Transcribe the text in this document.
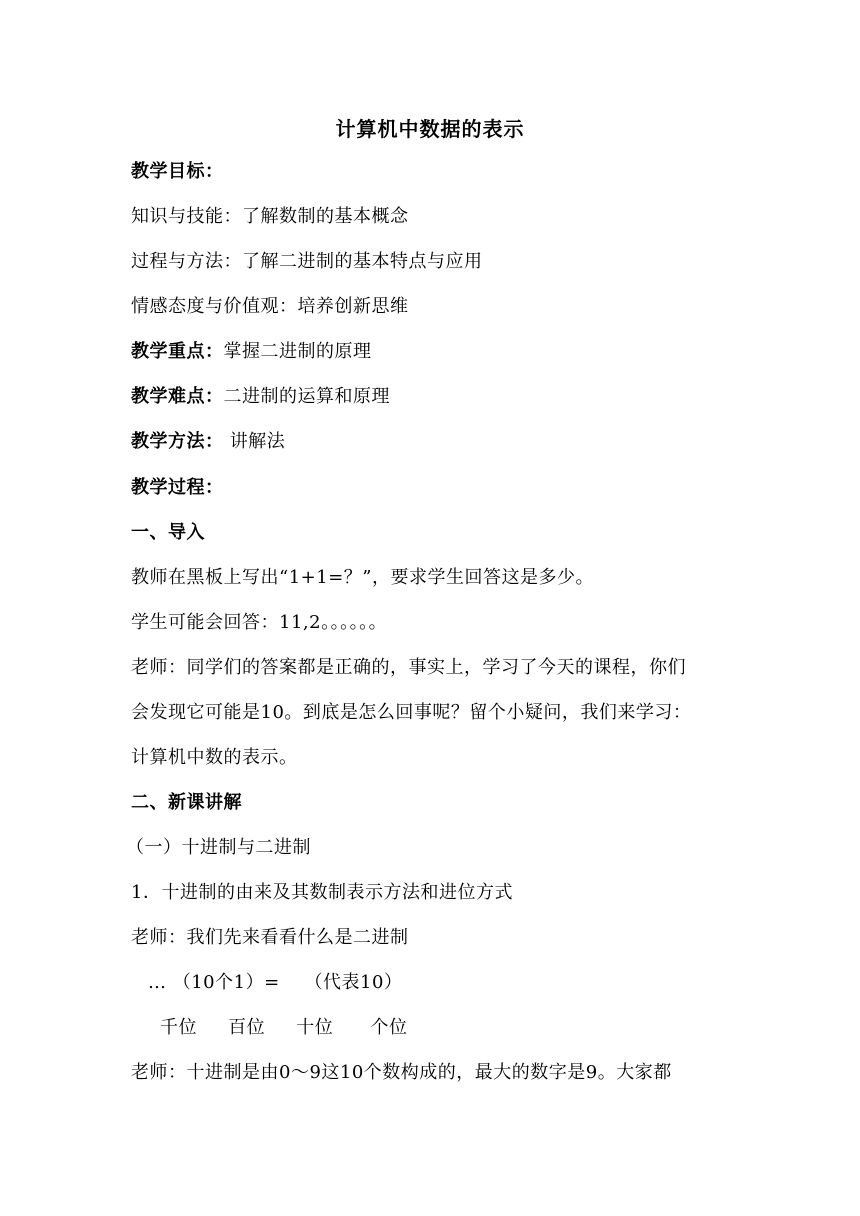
计算机中数据的表示
教学目标：
知识与技能：了解数制的基本概念
过程与方法：了解二进制的基本特点与应用
情感态度与价值观：培养创新思维
教学重点：掌握二进制的原理
教学难点：二进制的运算和原理
教学方法： 讲解法
教学过程：
一、导入
教师在黑板上写出“1+1=？”，要求学生回答这是多少。
学生可能会回答：11,2。。。。。。
老师：同学们的答案都是正确的，事实上，学习了今天的课程，你们
会发现它可能是10。到底是怎么回事呢？留个小疑问，我们来学习：
计算机中数的表示。
二、新课讲解
（一）十进制与二进制
1．十进制的由来及其数制表示方法和进位方式
老师：我们先来看看什么是二进制
… （10个1）=    （代表10）
千位     百位     十位      个位
老师：十进制是由0～9这10个数构成的，最大的数字是9。大家都
